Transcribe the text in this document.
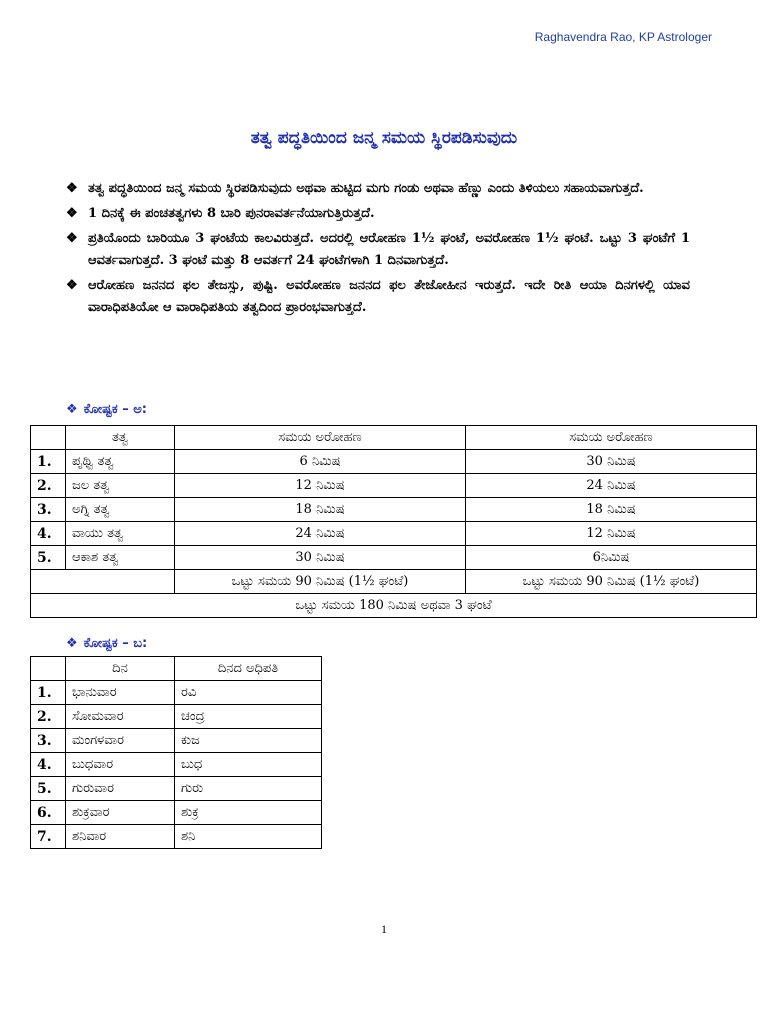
Raghavendra Rao, KP Astrologer
ತತ್ವ ಪದ್ಧತಿಯಿಂದ ಜನ್ಮ ಸಮಯ ಸ್ಥಿರಪಡಿಸುವುದು
❖ ತತ್ವ ಪದ್ಧತಿಯಿಂದ ಜನ್ಮ ಸಮಯ ಸ್ಥಿರಪಡಿಸುವುದು ಅಥವಾ ಹುಟ್ಟಿದ ಮಗು ಗಂಡು ಅಥವಾ ಹೆಣ್ಣು ಎಂದು ತಿಳಿಯಲು ಸಹಾಯವಾಗುತ್ತದೆ.
❖ 1 ದಿನಕ್ಕೆ ಈ ಪಂಚತತ್ವಗಳು 8 ಬಾರಿ ಪುನರಾವರ್ತನೆಯಾಗುತ್ತಿರುತ್ತದೆ.
❖ ಪ್ರತಿಯೊಂದು ಬಾರಿಯೂ 3 ಘಂಟೆಯ ಕಾಲವಿರುತ್ತದೆ. ಅದರಲ್ಲಿ ಆರೋಹಣ 1½ ಘಂಟೆ, ಅವರೋಹಣ 1½ ಘಂಟೆ. ಒಟ್ಟು 3 ಘಂಟೆಗೆ 1 ಆವರ್ತವಾಗುತ್ತದೆ. 3 ಘಂಟೆ ಮತ್ತು 8 ಆವರ್ತಗೆ 24 ಘಂಟೆಗಳಾಗಿ 1 ದಿನವಾಗುತ್ತದೆ.
❖ ಆರೋಹಣ ಜನನದ ಫಲ ತೇಜಸ್ಸು, ಪುಷ್ಟಿ. ಅವರೋಹಣ ಜನನದ ಫಲ ತೇಜೋಹೀನ ಇರುತ್ತದೆ. ಇದೇ ರೀತಿ ಆಯಾ ದಿನಗಳಲ್ಲಿ ಯಾವ ವಾರಾಧಿಪತಿಯೋ ಆ ವಾರಾಧಿಪತಿಯ ತತ್ವದಿಂದ ಪ್ರಾರಂಭವಾಗುತ್ತದೆ.
❖ ಕೋಷ್ಟಕ – ಅ:
	ತತ್ವ	ಸಮಯ ಅರೋಹಣ	ಸಮಯ ಅರೋಹಣ
1.	ಪೃಥ್ವಿ ತತ್ವ	6 ನಿಮಿಷ	30 ನಿಮಿಷ
2.	ಜಲ ತತ್ವ	12 ನಿಮಿಷ	24 ನಿಮಿಷ
3.	ಅಗ್ನಿ ತತ್ವ	18 ನಿಮಿಷ	18 ನಿಮಿಷ
4.	ವಾಯು ತತ್ವ	24 ನಿಮಿಷ	12 ನಿಮಿಷ
5.	ಆಕಾಶ ತತ್ವ	30 ನಿಮಿಷ	6ನಿಮಿಷ
		ಒಟ್ಟು ಸಮಯ 90 ನಿಮಿಷ (1½ ಘಂಟೆ)	ಒಟ್ಟು ಸಮಯ 90 ನಿಮಿಷ (1½ ಘಂಟೆ)
ಒಟ್ಟು ಸಮಯ 180 ನಿಮಿಷ ಅಥವಾ 3 ಘಂಟೆ			
❖ ಕೋಷ್ಟಕ – ಬ:
	ದಿನ	ದಿನದ ಅಧಿಪತಿ
1.	ಭಾನುವಾರ	ರವಿ
2.	ಸೋಮವಾರ	ಚಂದ್ರ
3.	ಮಂಗಳವಾರ	ಕುಜ
4.	ಬುಧವಾರ	ಬುಧ
5.	ಗುರುವಾರ	ಗುರು
6.	ಶುಕ್ರವಾರ	ಶುಕ್ರ
7.	ಶನಿವಾರ	ಶನಿ
1
